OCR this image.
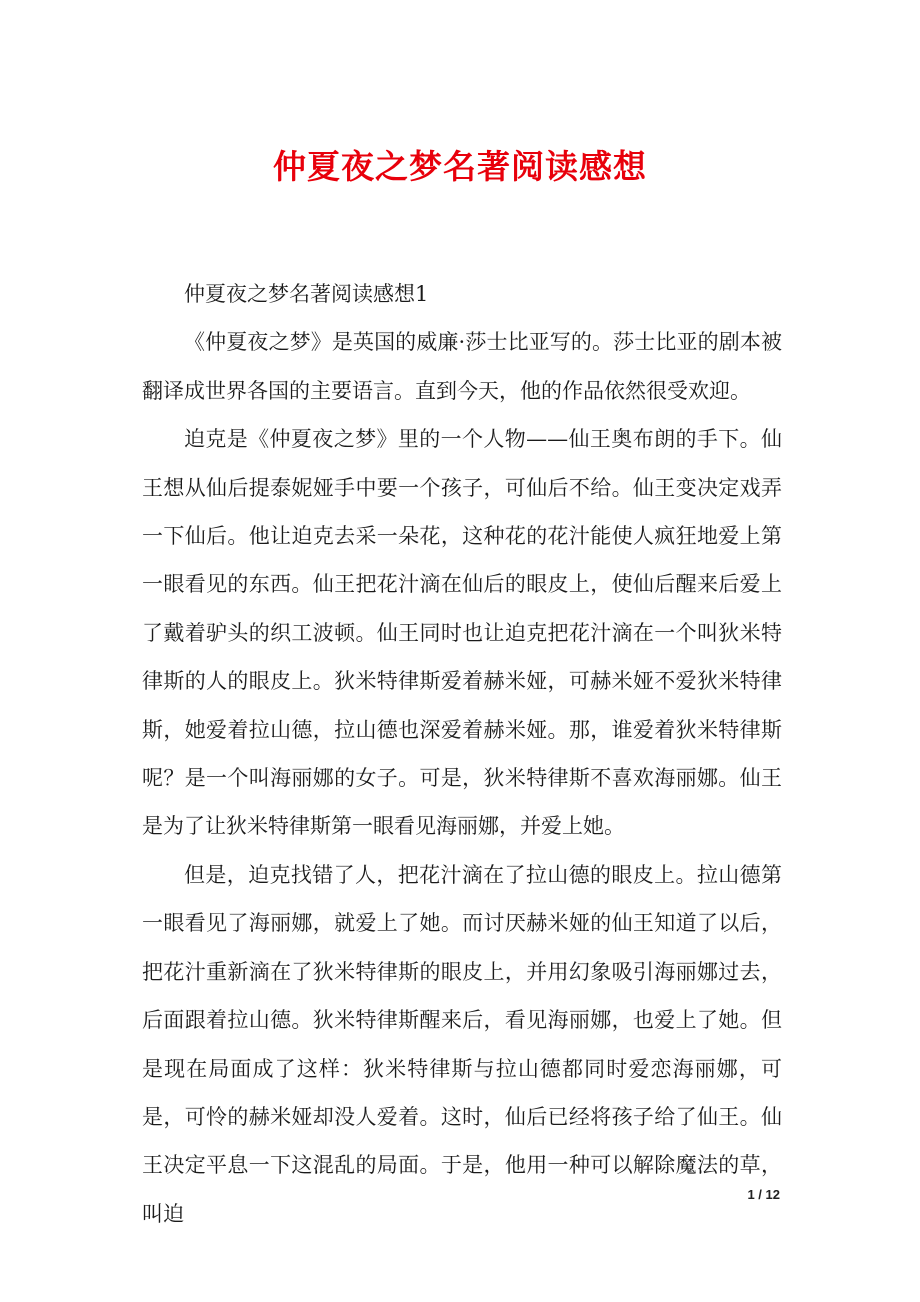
仲夏夜之梦名著阅读感想

仲夏夜之梦名著阅读感想1

《仲夏夜之梦》是英国的威廉·莎士比亚写的。莎士比亚的剧本被翻译成世界各国的主要语言。直到今天，他的作品依然很受欢迎。

迫克是《仲夏夜之梦》里的一个人物——仙王奥布朗的手下。仙王想从仙后提泰妮娅手中要一个孩子，可仙后不给。仙王变决定戏弄一下仙后。他让迫克去采一朵花，这种花的花汁能使人疯狂地爱上第一眼看见的东西。仙王把花汁滴在仙后的眼皮上，使仙后醒来后爱上了戴着驴头的织工波顿。仙王同时也让迫克把花汁滴在一个叫狄米特律斯的人的眼皮上。狄米特律斯爱着赫米娅，可赫米娅不爱狄米特律斯，她爱着拉山德，拉山德也深爱着赫米娅。那，谁爱着狄米特律斯呢？是一个叫海丽娜的女子。可是，狄米特律斯不喜欢海丽娜。仙王是为了让狄米特律斯第一眼看见海丽娜，并爱上她。

但是，迫克找错了人，把花汁滴在了拉山德的眼皮上。拉山德第一眼看见了海丽娜，就爱上了她。而讨厌赫米娅的仙王知道了以后，把花汁重新滴在了狄米特律斯的眼皮上，并用幻象吸引海丽娜过去，后面跟着拉山德。狄米特律斯醒来后，看见海丽娜，也爱上了她。但是现在局面成了这样：狄米特律斯与拉山德都同时爱恋海丽娜，可是，可怜的赫米娅却没人爱着。这时，仙后已经将孩子给了仙王。仙王决定平息一下这混乱的局面。于是，他用一种可以解除魔法的草，叫迫

1 / 12
